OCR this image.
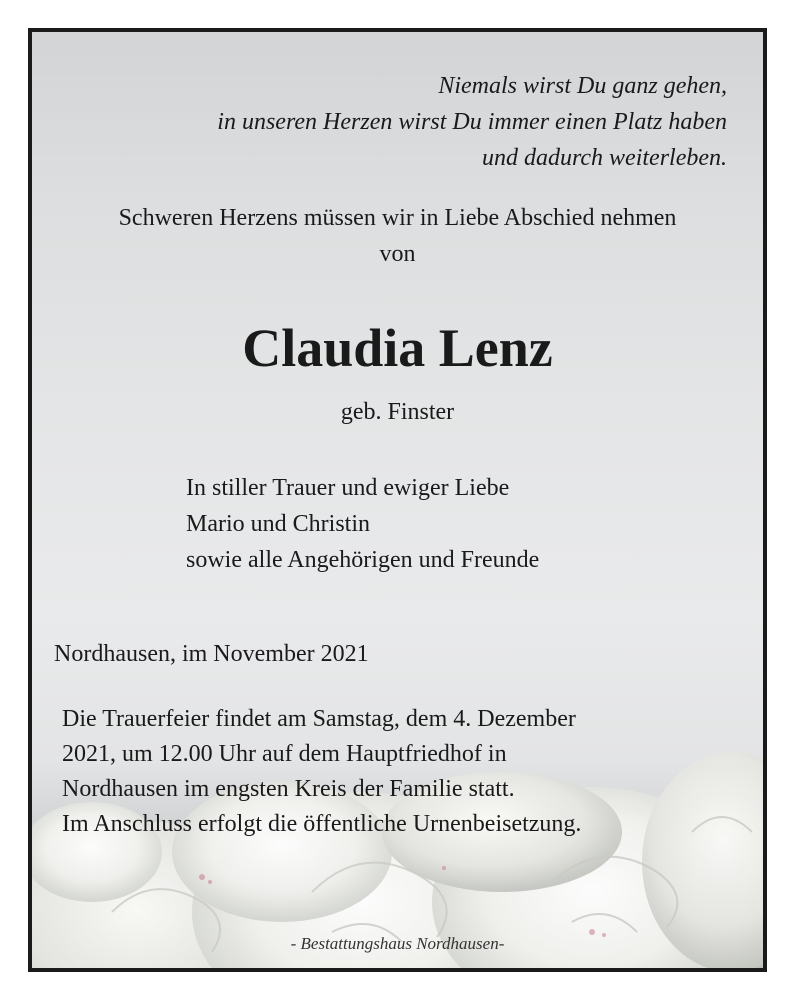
Niemals wirst Du ganz gehen,
in unseren Herzen wirst Du immer einen Platz haben
und dadurch weiterleben.
Schweren Herzens müssen wir in Liebe Abschied nehmen
von
Claudia Lenz
geb. Finster
In stiller Trauer und ewiger Liebe
Mario und Christin
sowie alle Angehörigen und Freunde
Nordhausen, im November 2021
Die Trauerfeier findet am Samstag, dem 4. Dezember
2021, um 12.00 Uhr auf dem Hauptfriedhof in
Nordhausen im engsten Kreis der Familie statt.
Im Anschluss erfolgt die öffentliche Urnenbeisetzung.
- Bestattungshaus Nordhausen-
